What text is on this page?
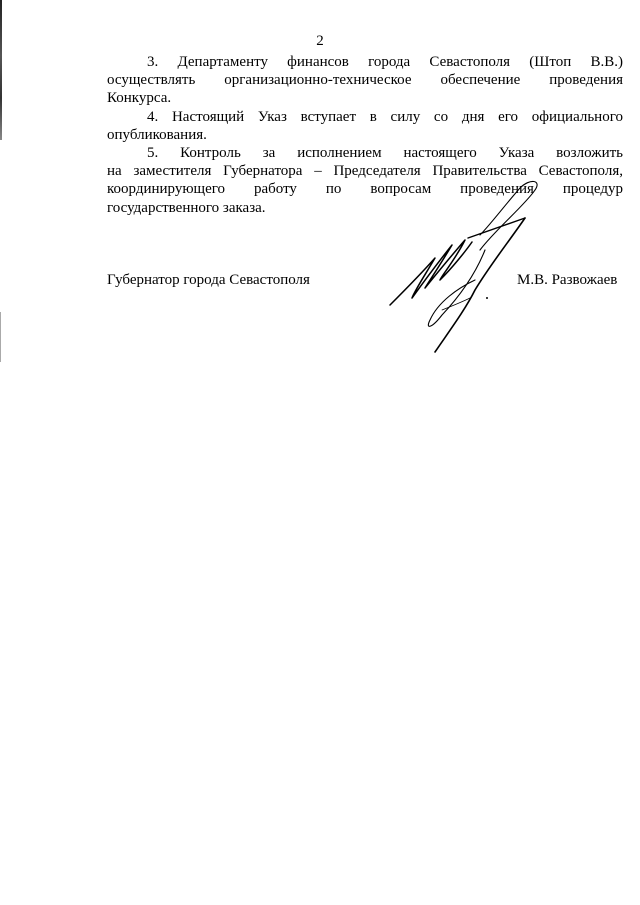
2

3. Департаменту финансов города Севастополя (Штоп В.В.)
осуществлять организационно-техническое обеспечение проведения
Конкурса.

4. Настоящий Указ вступает в силу со дня его официального
опубликования.

5. Контроль за исполнением настоящего Указа возложить
на заместителя Губернатора – Председателя Правительства Севастополя,
координирующего работу по вопросам проведения процедур
государственного заказа.

Губернатор города Севастополя	М.В. Развожаев
